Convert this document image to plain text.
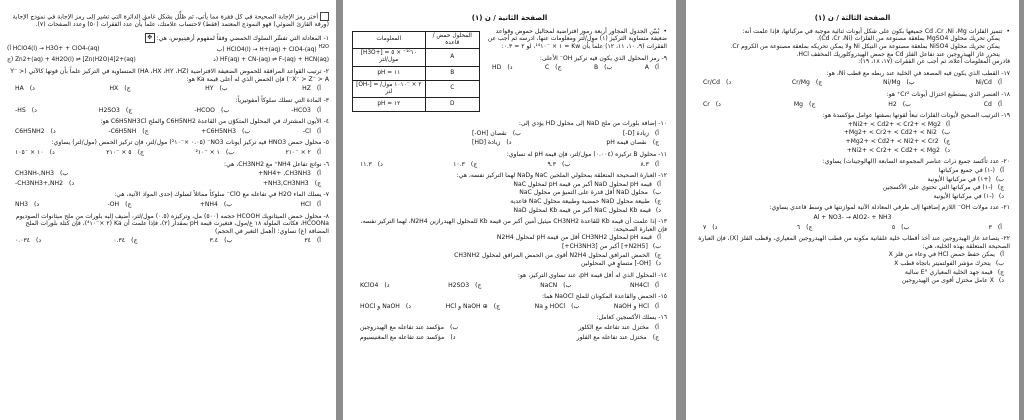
أختر رمز الإجابة الصحيحة في كل فقرة مما يأتي، ثم ظلِّل بشكل غامق الدائرة التي تشير إلى رمز الإجابة في نموذج الإجابة (ورقة القارئ الضوئي) فهو النموذج المعتمد (فقط) لاحتساب علامتك، علماً بأن عدد الفقرات (٥٠) وعدد الصفحات (٧).
١- المعادلة التي تفسِّر السلوك الحمضي وفقاً لمفهوم أرهينيوس، هي: ✥
(أ HClO4(l) → H3O+ + ClO4-(aq)	ب) HClO4(l) → H+(aq) + ClO4-(aq) $^{H2O}$
ج) Zn2+(aq) + 4H2O(l) ⇌ [Zn(H2O)4]2+(aq)	د) HF(aq) + CN-(aq) ⇌ F-(aq) + HCN(aq)
٢- ترتيب القواعد المرافقة للحموض الضعيفة الافتراضية (HA ،HX ،HY ،HZ) المتساوية في التركيز علماً بأن قوتها كالآتي (Y⁻ > X⁻ > Z⁻ > A⁻) فإن الحمض الذي له أعلى قيمة Ka هو:
أ)HZ
ب)HY
ج)HX
د)HA
٣- المادة التي تسلك سلوكاً أمفوتيرياً:
أ)HCO3-
ب)HCOO-
ج)H2SO3
د)HS-
٤- الأيون المشترك في المحلول المتكوّن من القاعدة C6H5NH2 والملح C6H5NH3Cl هو:
أ)Cl-
ب)C6H5NH3+
ج)C6H5NH-
د)C6H5NH2
٥- محلول حمض HNO3 فيه تركيز أيونات NO3⁻ (٠.٠٥ ×⁻²١٠) مول/لتر، فإن تركيز الحمض (مول/لتر) يساوي:
أ)٢ × ⁻٢١٠
ب)١ × ⁻²١٠
ج)٥ × ⁻٢١٠
د)١٠ × ⁻١٠٥
٦- نواتج تفاعل NH4⁺ مع CH3NH2، هي:
أ)NH4+ ,CH3NH3+
ب)CH3NH-,NH3
ج)NH3,CH3NH3+
د)CH3NH3+,NH2-
٧- يسلك الماء H2O في تفاعله مع ClO⁻ سلوكاً مماثلاً لسلوك إحدى المواد الآتية، هي:
أ)HCl
ب)NH4+
ج)OH-
د)NH3
٨- محلول حمض الميثانويك HCOOH حجمه (٥٠٠) مل، وتركيزه (٠.٥) مول/لتر، أضيف إليه بلورات من ملح ميثانوات الصوديوم HCOONa، فكانت الملولة ١٨ غ/مول، فتغيرت قيمة pH بمقدار (٢)، فإذا علمت أن Ka (٢ ×⁻⁴١٠)، فإن كتلة بلورات الملح المضافة (غ) تساوي: (أهمل التغير في الحجم)
أ)٣٤
ب)٣.٤
ج)٠.٣٤
د)٠.٠٣٤
الصفحة الثانية / ن (١)
المحلول حمض / قاعدة	المعلومات
A	[H3O+] = ٥ × ⁻¹⁰١٠ مول/لتر
B	pH = ١١
C	[OH-] = ٢ × ⁻١٠١٠ مول/لتر
D	pH = ١٢
•يُبيّن الجدول المجاور أربعة رموز افتراضية لمحاليل حموض وقواعد ضعيفة متساوية التركيز (١) مول/لتر ومعلومات عنها، ادرسه ثم أجب عن الفقرات (٩، ١٠، ١١، ١٢) علماً بأن Kw = ١ × ⁻¹⁴١٠، لو ٢ = ٠.٣:
٩- رمز المحلول الذي يكون فيه تركيز OH⁻ الأعلى:
أ)A
ب)B
ج)C
د)HD
١٠- إضافة بلورات من ملح NaD إلى محلول HD يؤدي إلى:
أ)زيادة [D-]
ب)نقصان [OH-]
ج)نقصان قيمة pH
د)زيادة [HD]
١١- محلول B تركيزه (٠.٠٠٤) مول/لتر، فإن قيمة pH له تساوي:
أ)٨.٣
ب)٩.٣
ج)١٠.٣
د)١١.٣
١٢- العبارة الصحيحة المتعلقة بمحلولي الملحين NaC وNaD لهما التركيز نفسه، هي:
أ)قيمة pH لمحلول NaD أكبر من قيمة pH لمحلول NaC
ب)محلول NaD أقل قدرة على التميؤ من محلول NaC
ج)طبيعة محلول NaD حمضية وطبيعة محلول NaC قاعدية
د)قيمة Kb لمحلول NaC أكبر من قيمة Kb لمحلول NaD
١٣- إذا علمت أن قيمة Kb للقاعدة CH3NH2 ميثيل أمين أكبر من قيمة Kb للمحلول الهيدرازين N2H4، لهما التركيز نفسه، فإن العبارة الصحيحة:
أ)قيمة pH لمحلول CH3NH2 أقل من قيمة pH لمحلول N2H4
ب)[N2H5+] أكبر من [CH3NH3+]
ج)الحمض المرافق لمحلول N2H4 أقوى من الحمض المرافق لمحلول CH3NH2
د)[OH-] متساوٍ في المحلولين
١٤- المحلول الذي له أقل قيمة pH، عند تساوي التركيز، هو:
أ)NH4Cl
ب)NaCN
ج)H2SO3
د)KClO4
١٥- الحمض والقاعدة المكونان للملح NaOCl هما:
أ)HCl و NaOH
ب)HOCl و Na
ج)⊕ NaOH و HCl
د)NaOH و HOCl
١٦- يسلك الأكسجين كعامل:
أ)مختزل عند تفاعله مع الكلور
ب)مؤكسد عند تفاعله مع الهيدروجين
ج)مختزل عند تفاعله مع الفلور
د)مؤكسد عند تفاعله مع المغنيسيوم
الصفحة الثالثة / ن (١)
•تتميز الفلزات Cd ،Cr ،Ni ،Mg جميعها بكون على شكل أيونات ثنائية موجبة في مركباتها، فإذا علمت أنه:
يمكن تحريك محلول MgSO4 بملعقة مصنوعة من الفلزات (Cd ،Cr ،Ni).
يمكن تحريك محلول NiSO4 بملعقة مصنوعة من النيكل Ni ولا يمكن تحريكه بملعقة مصنوعة من الكروم Cr.
يتحرر غاز الهيدروجين عند تفاعل الفلز Cd مع حمض الهيدروكلوريك المخفف HCl.
فادرس المعلومات أعلاه، ثم أجب عن الفقرات (١٧، ١٨، ١٩):
١٧- القطب الذي يكون فيه المصعد في الخلية عند ربطه مع قطب Ni، هو:
أ)Ni/Cd
ب)Ni/Mg
ج)Cr/Mg
د)Cr/Cd
١٨- العنصر الذي يستطيع اختزال أيونات Cr²⁺ هو:
أ)Cd
ب)H2
ج)Mg
د)Cr
١٩- الترتيب الصحيح لأيونات الفلزات تبعاً لقوتها بصفتها عوامل مؤكسدة هو:
أ)Ni2+ < Cd2+ < Cr2+ < Mg2+
ب)Mg2+ < Cr2+ < Cd2+ < Ni2+
ج)Mg2+ < Cd2+ < Ni2+ < Cr2+
د)Ni2+ < Cr2+ < Cd2+ < Mg2+
٢٠- عدد تأكسد جميع ذرات عناصر المجموعة السابعة (الهالوجينات) يساوي:
أ)(-١) في جميع مركباتها
ب)(+١) في مركباتها الأيونية
ج)(-١) في مركباتها التي تحتوي على الأكسجين
د)(-١) في مركباتها الأيونية
٢١- عدد مولات OH⁻ اللازم إضافتها إلى طرفي المعادلة الآتية لموازنتها في وسط قاعدي يساوي:
Al + NO3- → AlO2- + NH3
أ)٣
ب)٥
ج)٦
د)٧
٢٢- يتصاعد غاز الهيدروجين عند أخذ أقطاب خلية غلفانية مكونة من قطب الهيدروجين المعياري، وقطب الفلز (X)، فإن العبارة الصحيحة المتعلقة بهذه الخلية، هي:
أ)يمكن حفظ حمض HCl في وعاء من فلز X
ب)يتحرك مؤشر الفولتميتر باتجاه قطب X
ج)قيمة جهد الخلية المعياري °E سالبة
د)X عامل مختزل أقوى من الهيدروجين
